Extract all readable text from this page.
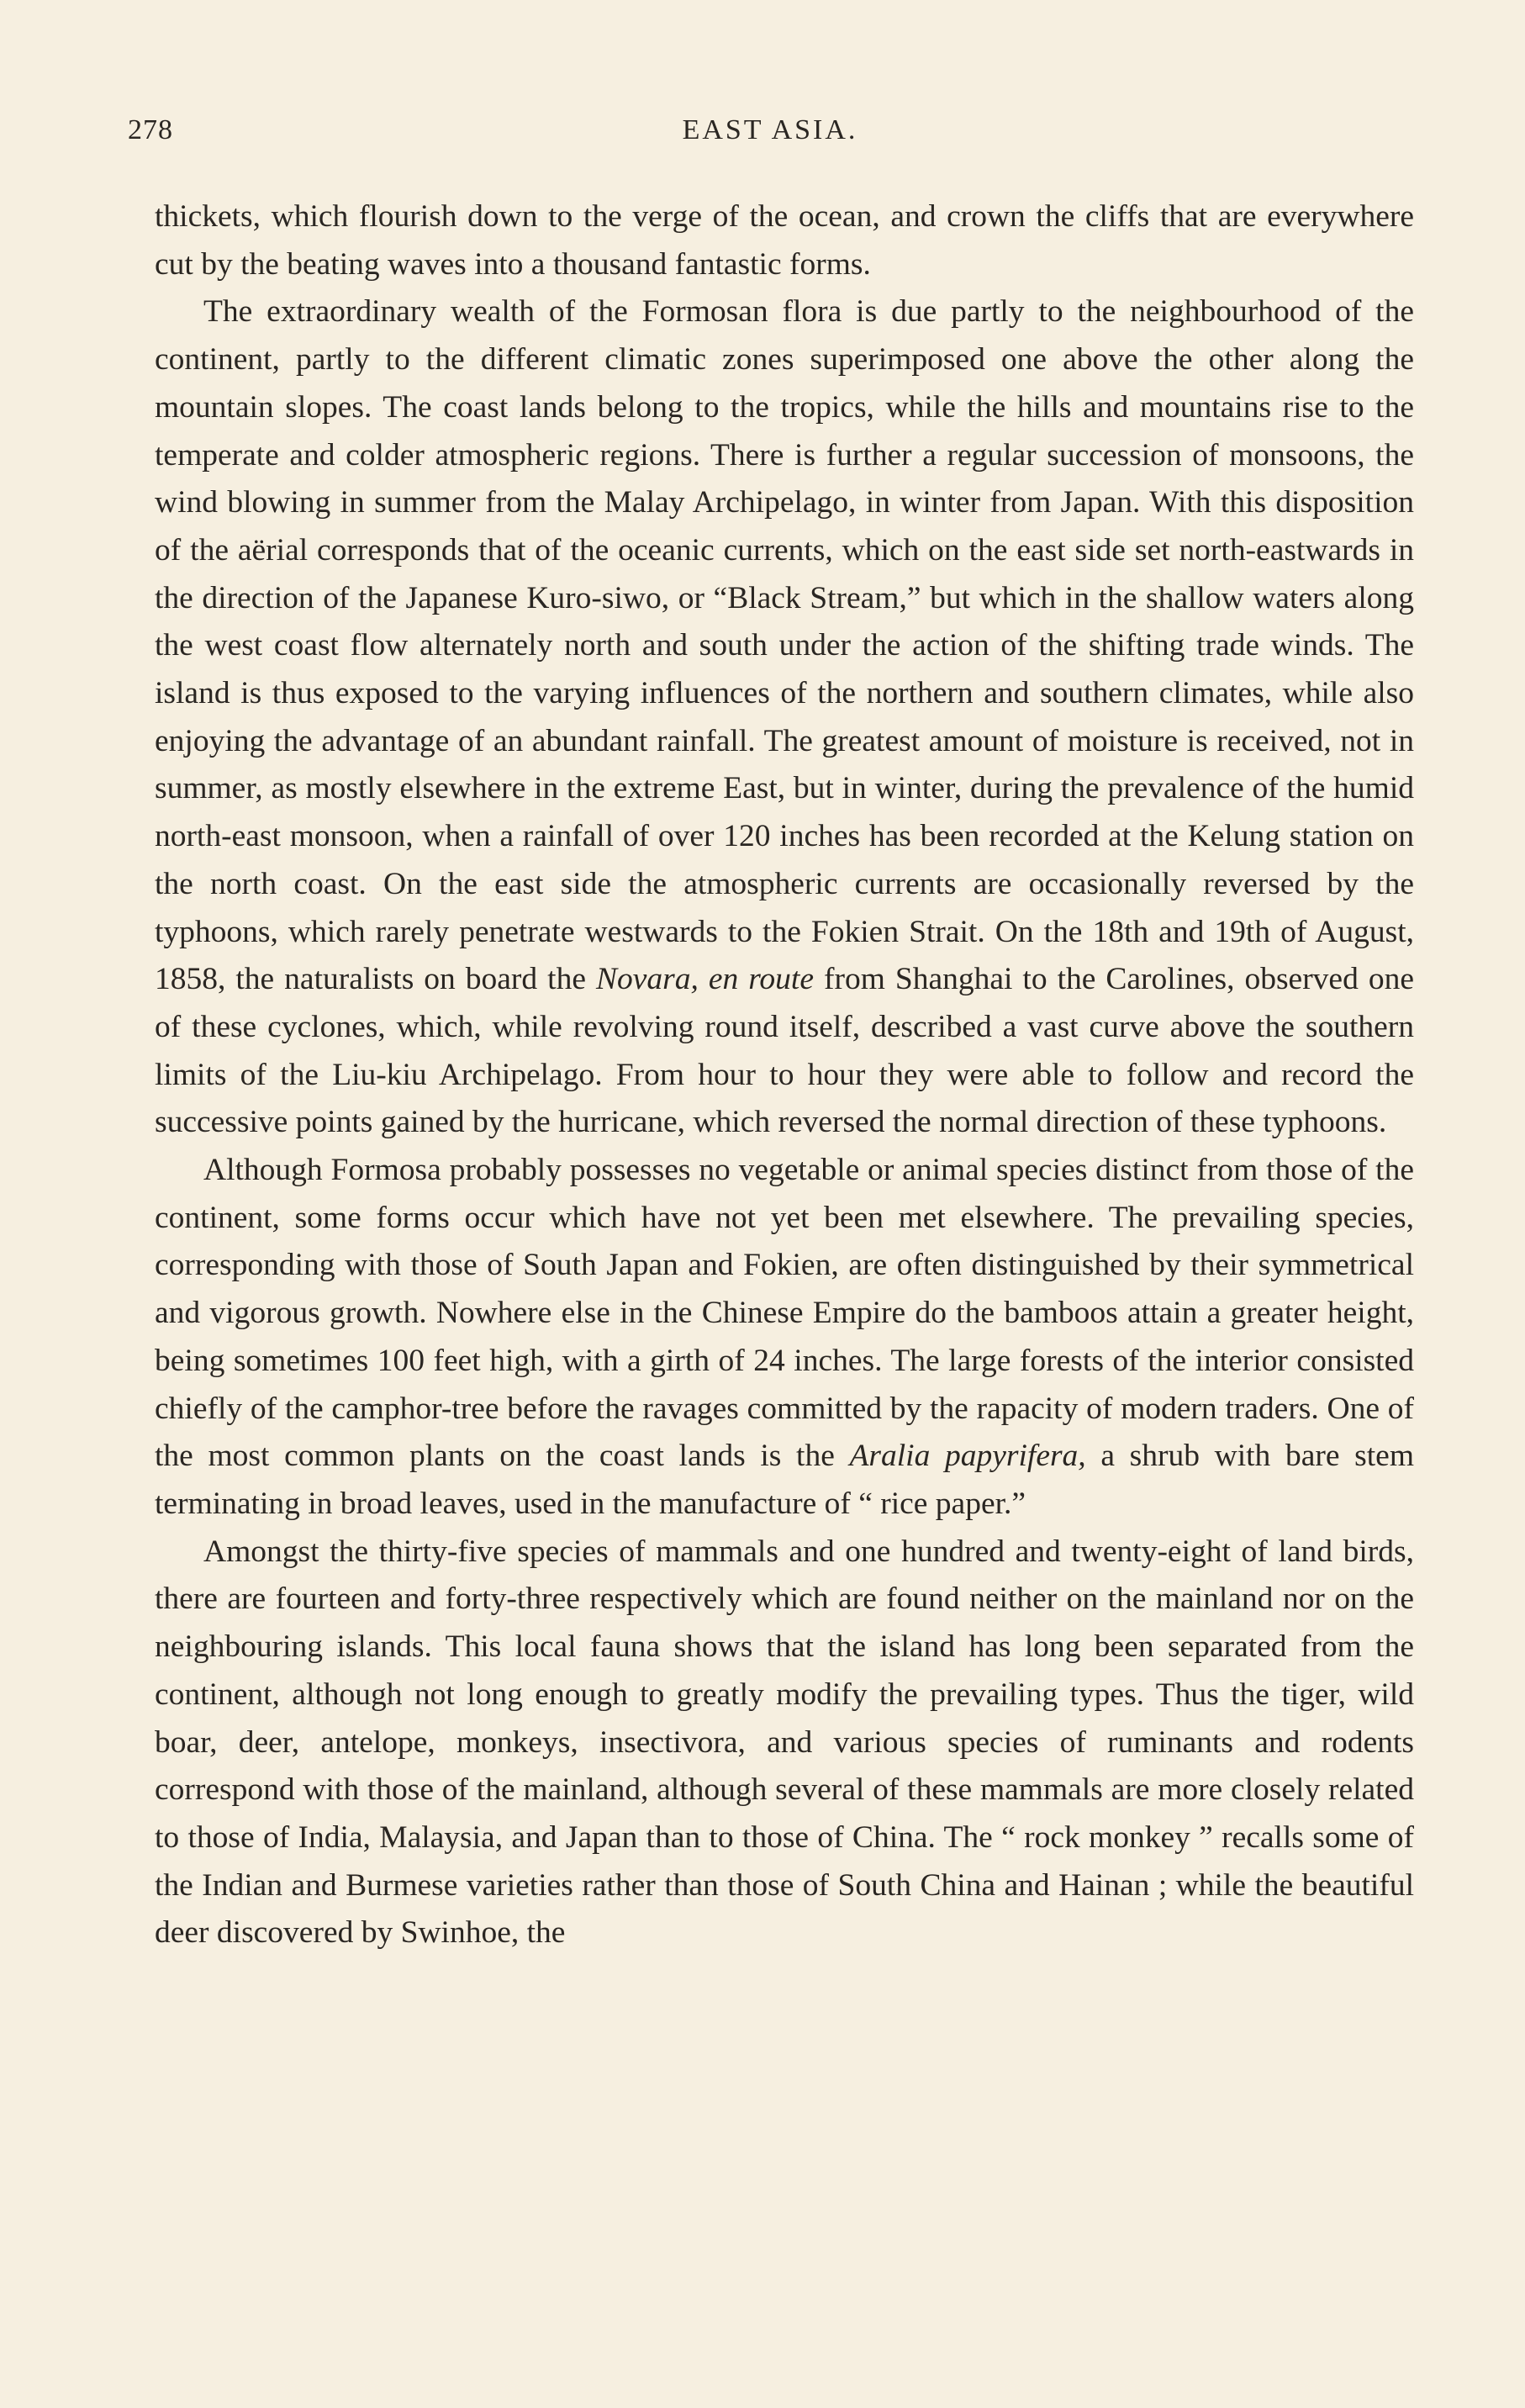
278	EAST ASIA.

thickets, which flourish down to the verge of the ocean, and crown the cliffs that are everywhere cut by the beating waves into a thousand fantastic forms.

The extraordinary wealth of the Formosan flora is due partly to the neighbourhood of the continent, partly to the different climatic zones superimposed one above the other along the mountain slopes. The coast lands belong to the tropics, while the hills and mountains rise to the temperate and colder atmospheric regions. There is further a regular succession of monsoons, the wind blowing in summer from the Malay Archipelago, in winter from Japan. With this disposition of the aërial corresponds that of the oceanic currents, which on the east side set north-eastwards in the direction of the Japanese Kuro-siwo, or “Black Stream,” but which in the shallow waters along the west coast flow alternately north and south under the action of the shifting trade winds. The island is thus exposed to the varying influences of the northern and southern climates, while also enjoying the advantage of an abundant rainfall. The greatest amount of moisture is received, not in summer, as mostly elsewhere in the extreme East, but in winter, during the prevalence of the humid north-east monsoon, when a rainfall of over 120 inches has been recorded at the Kelung station on the north coast. On the east side the atmospheric currents are occasionally reversed by the typhoons, which rarely penetrate westwards to the Fokien Strait. On the 18th and 19th of August, 1858, the naturalists on board the Novara, en route from Shanghai to the Carolines, observed one of these cyclones, which, while revolving round itself, described a vast curve above the southern limits of the Liu-kiu Archipelago. From hour to hour they were able to follow and record the successive points gained by the hurricane, which reversed the normal direction of these typhoons.

Although Formosa probably possesses no vegetable or animal species distinct from those of the continent, some forms occur which have not yet been met elsewhere. The prevailing species, corresponding with those of South Japan and Fokien, are often distinguished by their symmetrical and vigorous growth. Nowhere else in the Chinese Empire do the bamboos attain a greater height, being sometimes 100 feet high, with a girth of 24 inches. The large forests of the interior consisted chiefly of the camphor-tree before the ravages committed by the rapacity of modern traders. One of the most common plants on the coast lands is the Aralia papyrifera, a shrub with bare stem terminating in broad leaves, used in the manufacture of “ rice paper.”

Amongst the thirty-five species of mammals and one hundred and twenty-eight of land birds, there are fourteen and forty-three respectively which are found neither on the mainland nor on the neighbouring islands. This local fauna shows that the island has long been separated from the continent, although not long enough to greatly modify the prevailing types. Thus the tiger, wild boar, deer, antelope, monkeys, insectivora, and various species of ruminants and rodents correspond with those of the mainland, although several of these mammals are more closely related to those of India, Malaysia, and Japan than to those of China. The “ rock monkey ” recalls some of the Indian and Burmese varieties rather than those of South China and Hainan ; while the beautiful deer discovered by Swinhoe, the
